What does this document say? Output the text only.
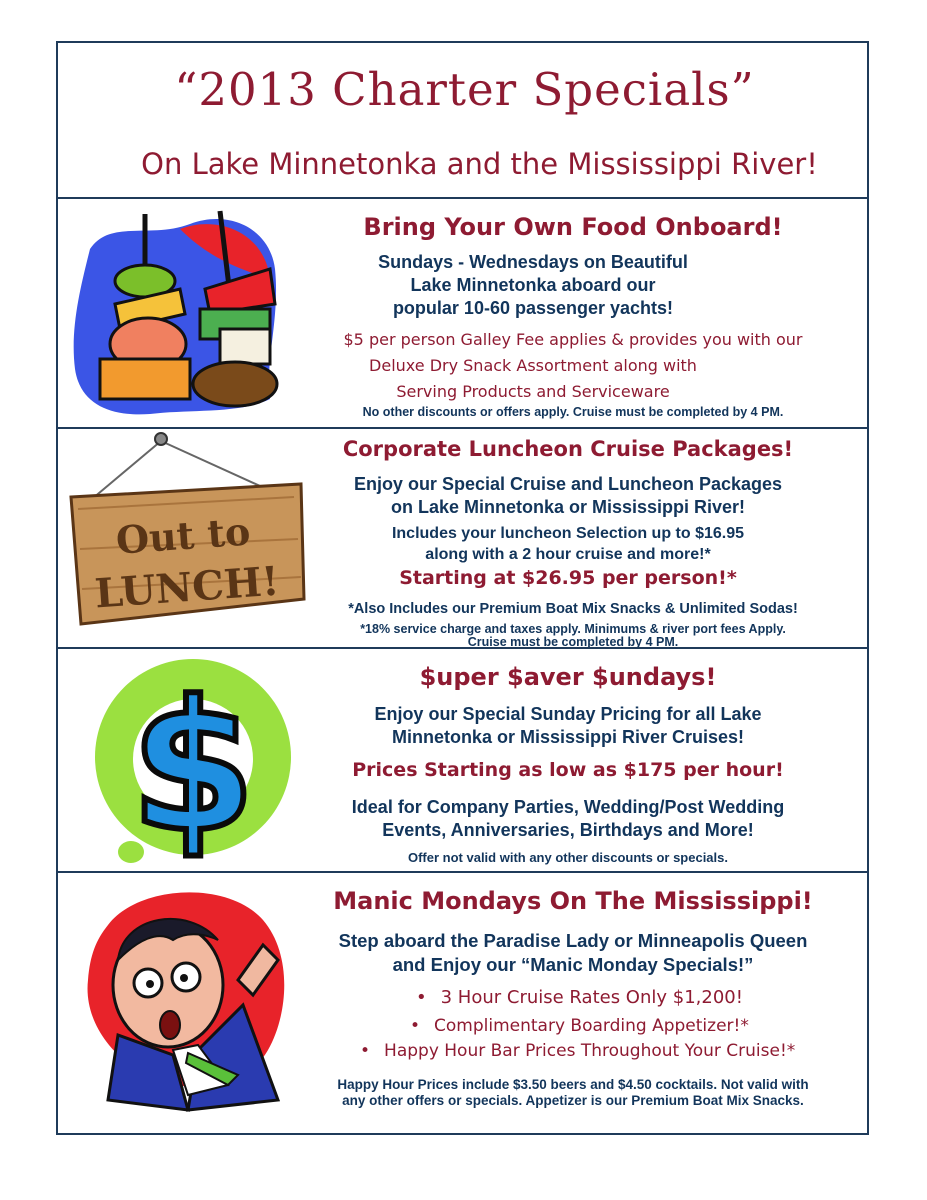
“2013 Charter Specials”
On Lake Minnetonka and the Mississippi River!
Bring Your Own Food Onboard!
Sundays - Wednesdays on Beautiful
Lake Minnetonka aboard our
popular 10-60 passenger yachts!
$5 per person Galley Fee applies & provides you with our
Deluxe Dry Snack Assortment along with
Serving Products and Serviceware
No other discounts or offers apply. Cruise must be completed by 4 PM.
Out to
LUNCH!
Corporate Luncheon Cruise Packages!
Enjoy our Special Cruise and Luncheon Packages
on Lake Minnetonka or Mississippi River!
Includes your luncheon Selection up to $16.95
along with a 2 hour cruise and more!*
Starting at $26.95 per person!*
*Also Includes our Premium Boat Mix Snacks & Unlimited Sodas!
*18% service charge and taxes apply. Minimums & river port fees Apply.
Cruise must be completed by 4 PM.
$	$uper $aver $undays!
Enjoy our Special Sunday Pricing for all Lake
Minnetonka or Mississippi River Cruises!
Prices Starting as low as $175 per hour!
Ideal for Company Parties, Wedding/Post Wedding
Events, Anniversaries, Birthdays and More!
Offer not valid with any other discounts or specials.
Manic Mondays On The Mississippi!
Step aboard the Paradise Lady or Minneapolis Queen
and Enjoy our “Manic Monday Specials!”
• 3 Hour Cruise Rates Only $1,200!
• Complimentary Boarding Appetizer!*
• Happy Hour Bar Prices Throughout Your Cruise!*
Happy Hour Prices include $3.50 beers and $4.50 cocktails. Not valid with
any other offers or specials. Appetizer is our Premium Boat Mix Snacks.
